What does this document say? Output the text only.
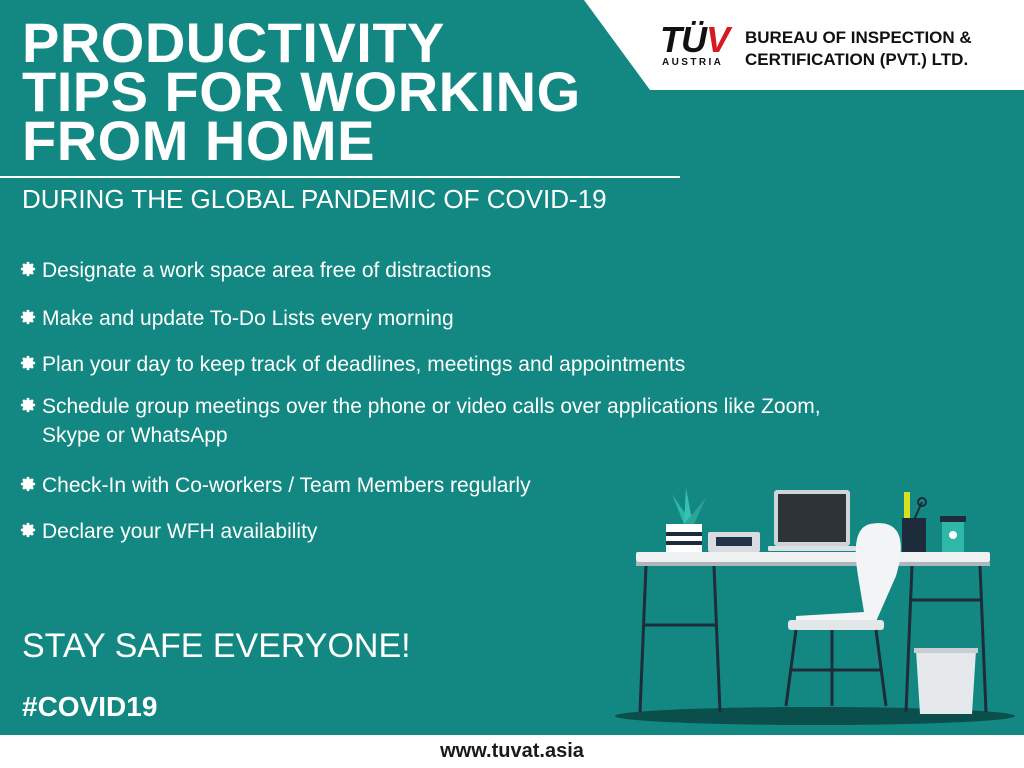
TÜV
AUSTRIA
BUREAU OF INSPECTION &
CERTIFICATION (PVT.) LTD.
PRODUCTIVITY
TIPS FOR WORKING
FROM HOME
DURING THE GLOBAL PANDEMIC OF COVID-19
Designate a work space area free of distractions
Make and update To-Do Lists every morning
Plan your day to keep track of deadlines, meetings and appointments
Schedule group meetings over the phone or video calls over applications like Zoom, Skype or WhatsApp
Check-In with Co-workers / Team Members regularly
Declare your WFH availability
STAY SAFE EVERYONE!
#COVID19
www.tuvat.asia
